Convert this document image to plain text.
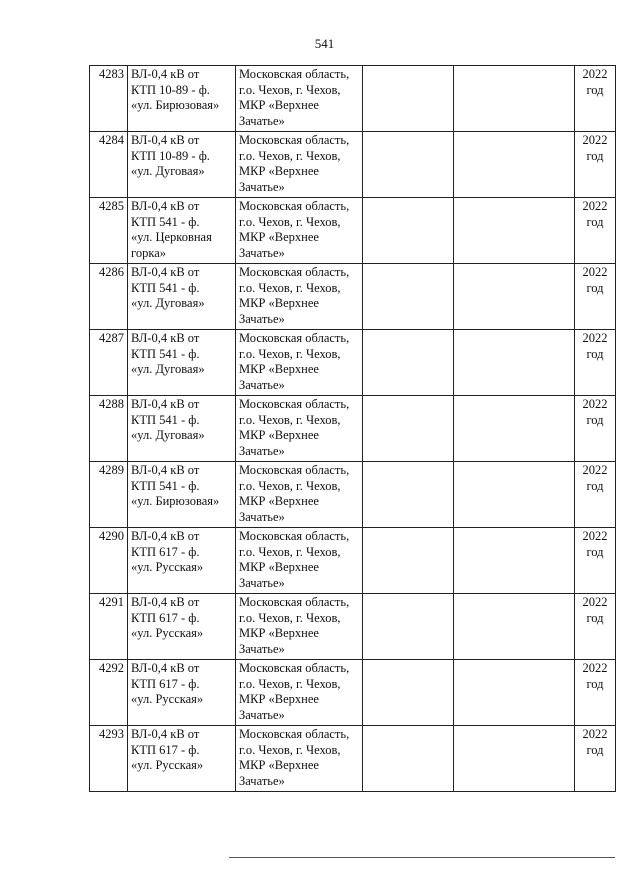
541
4283	ВЛ-0,4 кВ от
КТП 10-89 - ф.
«ул. Бирюзовая»	Московская область,
г.о. Чехов, г. Чехов,
МКР «Верхнее
Зачатье»			2022
год
4284	ВЛ-0,4 кВ от
КТП 10-89 - ф.
«ул. Дуговая»	Московская область,
г.о. Чехов, г. Чехов,
МКР «Верхнее
Зачатье»			2022
год
4285	ВЛ-0,4 кВ от
КТП 541 - ф.
«ул. Церковная
горка»	Московская область,
г.о. Чехов, г. Чехов,
МКР «Верхнее
Зачатье»			2022
год
4286	ВЛ-0,4 кВ от
КТП 541 - ф.
«ул. Дуговая»	Московская область,
г.о. Чехов, г. Чехов,
МКР «Верхнее
Зачатье»			2022
год
4287	ВЛ-0,4 кВ от
КТП 541 - ф.
«ул. Дуговая»	Московская область,
г.о. Чехов, г. Чехов,
МКР «Верхнее
Зачатье»			2022
год
4288	ВЛ-0,4 кВ от
КТП 541 - ф.
«ул. Дуговая»	Московская область,
г.о. Чехов, г. Чехов,
МКР «Верхнее
Зачатье»			2022
год
4289	ВЛ-0,4 кВ от
КТП 541 - ф.
«ул. Бирюзовая»	Московская область,
г.о. Чехов, г. Чехов,
МКР «Верхнее
Зачатье»			2022
год
4290	ВЛ-0,4 кВ от
КТП 617 - ф.
«ул. Русская»	Московская область,
г.о. Чехов, г. Чехов,
МКР «Верхнее
Зачатье»			2022
год
4291	ВЛ-0,4 кВ от
КТП 617 - ф.
«ул. Русская»	Московская область,
г.о. Чехов, г. Чехов,
МКР «Верхнее
Зачатье»			2022
год
4292	ВЛ-0,4 кВ от
КТП 617 - ф.
«ул. Русская»	Московская область,
г.о. Чехов, г. Чехов,
МКР «Верхнее
Зачатье»			2022
год
4293	ВЛ-0,4 кВ от
КТП 617 - ф.
«ул. Русская»	Московская область,
г.о. Чехов, г. Чехов,
МКР «Верхнее
Зачатье»			2022
год
